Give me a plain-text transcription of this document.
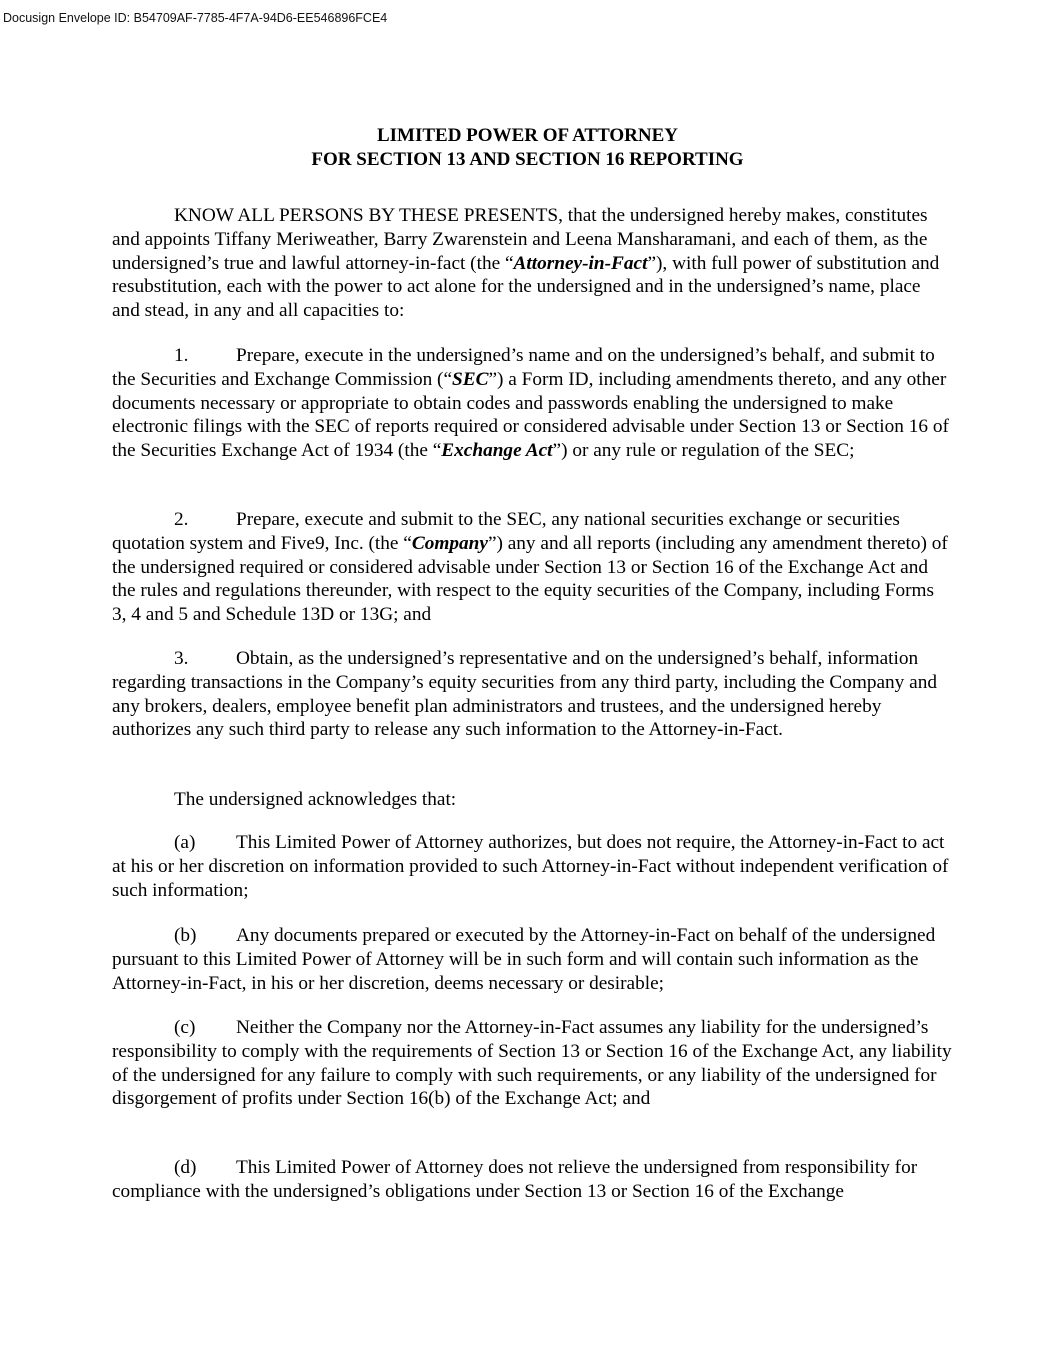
Docusign Envelope ID: B54709AF-7785-4F7A-94D6-EE546896FCE4
LIMITED POWER OF ATTORNEY
FOR SECTION 13 AND SECTION 16 REPORTING

KNOW ALL PERSONS BY THESE PRESENTS, that the undersigned hereby makes, constitutes and appoints Tiffany Meriweather, Barry Zwarenstein and Leena Mansharamani, and each of them, as the undersigned’s true and lawful attorney-in-fact (the “Attorney-in-Fact”), with full power of substitution and resubstitution, each with the power to act alone for the undersigned and in the undersigned’s name, place and stead, in any and all capacities to:

1. Prepare, execute in the undersigned’s name and on the undersigned’s behalf, and submit to the Securities and Exchange Commission (“SEC”) a Form ID, including amendments thereto, and any other documents necessary or appropriate to obtain codes and passwords enabling the undersigned to make electronic filings with the SEC of reports required or considered advisable under Section 13 or Section 16 of the Securities Exchange Act of 1934 (the “Exchange Act”) or any rule or regulation of the SEC;

2. Prepare, execute and submit to the SEC, any national securities exchange or securities quotation system and Five9, Inc. (the “Company”) any and all reports (including any amendment thereto) of the undersigned required or considered advisable under Section 13 or Section 16 of the Exchange Act and the rules and regulations thereunder, with respect to the equity securities of the Company, including Forms 3, 4 and 5 and Schedule 13D or 13G; and

3. Obtain, as the undersigned’s representative and on the undersigned’s behalf, information regarding transactions in the Company’s equity securities from any third party, including the Company and any brokers, dealers, employee benefit plan administrators and trustees, and the undersigned hereby authorizes any such third party to release any such information to the Attorney-in-Fact.

The undersigned acknowledges that:

(a) This Limited Power of Attorney authorizes, but does not require, the Attorney-in-Fact to act at his or her discretion on information provided to such Attorney-in-Fact without independent verification of such information;

(b) Any documents prepared or executed by the Attorney-in-Fact on behalf of the undersigned pursuant to this Limited Power of Attorney will be in such form and will contain such information as the Attorney-in-Fact, in his or her discretion, deems necessary or desirable;

(c) Neither the Company nor the Attorney-in-Fact assumes any liability for the undersigned’s responsibility to comply with the requirements of Section 13 or Section 16 of the Exchange Act, any liability of the undersigned for any failure to comply with such requirements, or any liability of the undersigned for disgorgement of profits under Section 16(b) of the Exchange Act; and

(d) This Limited Power of Attorney does not relieve the undersigned from responsibility for compliance with the undersigned’s obligations under Section 13 or Section 16 of the Exchange
